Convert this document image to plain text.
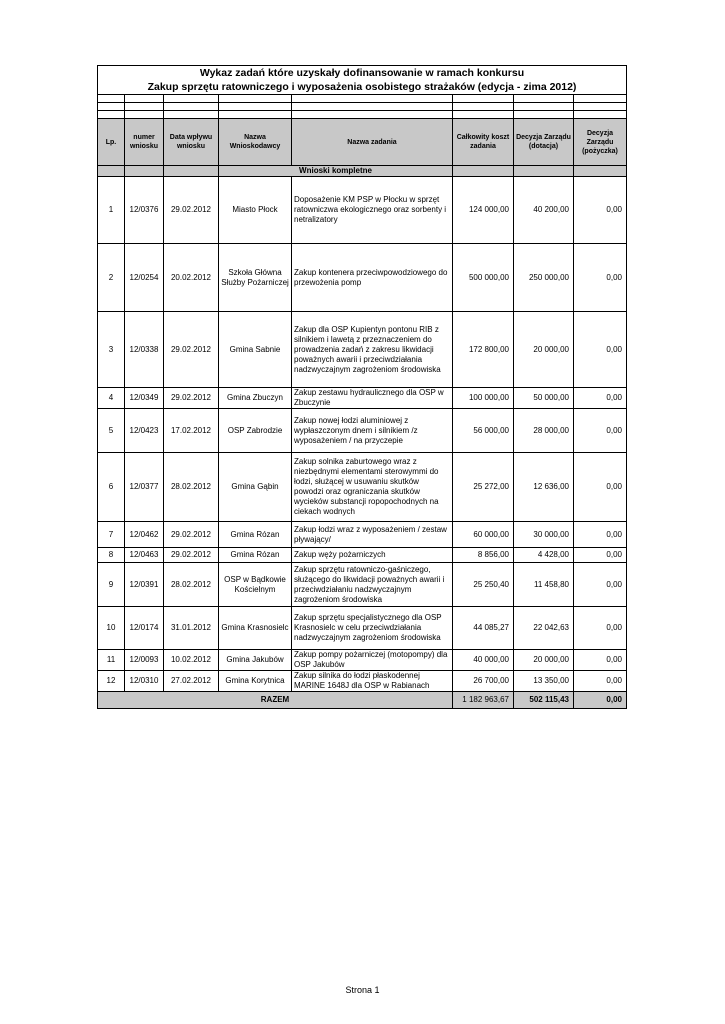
Wykaz zadań które uzyskały dofinansowanie w ramach konkursu							
Zakup sprzętu ratowniczego i wyposażenia osobistego strażaków (edycja - zima 2012)							

Lp.	numer wniosku	Data wpływu wniosku	Nazwa Wnioskodawcy	Nazwa zadania	Całkowity koszt zadania	Decyzja Zarządu (dotacja)	Decyzja Zarządu (pożyczka)
			Wnioski kompletne				
1	12/0376	29.02.2012	Miasto Płock	Doposażenie KM PSP w Płocku w sprzęt ratowniczwa ekologicznego oraz sorbenty i netralizatory	124 000,00	40 200,00	0,00
2	12/0254	20.02.2012	Szkoła Główna Służby Pożarniczej	Zakup kontenera przeciwpowodziowego do przewożenia pomp	500 000,00	250 000,00	0,00
3	12/0338	29.02.2012	Gmina Sabnie	Zakup dla OSP Kupientyn pontonu RIB z silnikiem i lawetą z przeznaczeniem do prowadzenia zadań z zakresu likwidacji poważnych awarii i przeciwdziałania nadzwyczajnym zagrożeniom środowiska	172 800,00	20 000,00	0,00
4	12/0349	29.02.2012	Gmina Zbuczyn	Zakup zestawu hydraulicznego dla OSP w Zbuczynie	100 000,00	50 000,00	0,00
5	12/0423	17.02.2012	OSP Zabrodzie	Zakup nowej łodzi aluminiowej z wypłaszczonym dnem i silnikiem /z wyposażeniem / na przyczepie	56 000,00	28 000,00	0,00
6	12/0377	28.02.2012	Gmina Gąbin	Zakup solnika zaburtowego wraz z niezbędnymi elementami sterowymmi do łodzi, służącej w usuwaniu skutków powodzi oraz ograniczania skutków wycieków substancji ropopochodnych na ciekach wodnych	25 272,00	12 636,00	0,00
7	12/0462	29.02.2012	Gmina Rózan	Zakup łodzi wraz z wyposażeniem / zestaw pływający/	60 000,00	30 000,00	0,00
8	12/0463	29.02.2012	Gmina Rózan	Zakup węży pożarniczych	8 856,00	4 428,00	0,00
9	12/0391	28.02.2012	OSP w Bądkowie Kościelnym	Zakup sprzętu ratowniczo-gaśniczego, służącego do likwidacji poważnych awarii i przeciwdziałaniu nadzwyczajnym zagrożeniom środowiska	25 250,40	11 458,80	0,00
10	12/0174	31.01.2012	Gmina Krasnosielc	Zakup sprzętu specjalistycznego dla OSP Krasnosielc w celu przeciwdziałania nadzwyczajnym zagrożeniom środowiska	44 085,27	22 042,63	0,00
11	12/0093	10.02.2012	Gmina Jakubów	Zakup pompy pożarniczej (motopompy) dla OSP Jakubów	40 000,00	20 000,00	0,00
12	12/0310	27.02.2012	Gmina Korytnica	Zakup silnika do łodzi płaskodennej MARINE 1648J dla OSP w Rabianach	26 700,00	13 350,00	0,00
RAZEM					1 182 963,67	502 115,43	0,00
Strona 1
